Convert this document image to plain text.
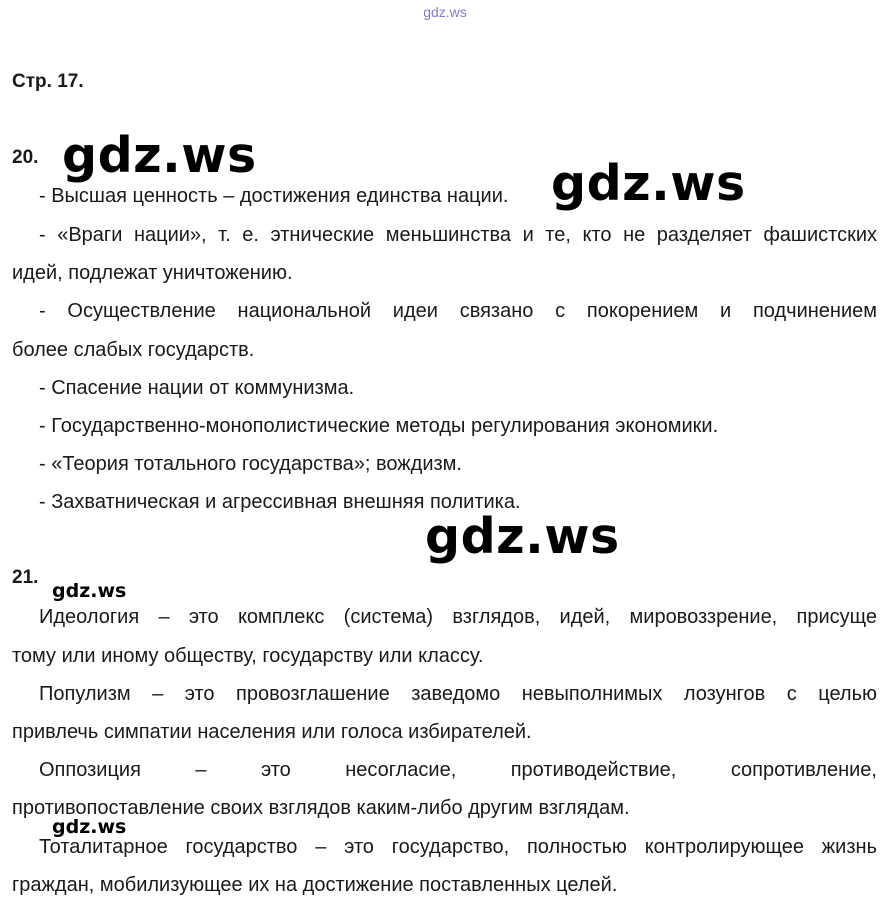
gdz.ws
Стр. 17.
20.
- Высшая ценность – достижения единства нации.
- «Враги нации», т. е. этнические меньшинства и те, кто не разделяет фашистских
идей, подлежат уничтожению.
- Осуществление национальной идеи связано с покорением и подчинением
более слабых государств.
- Спасение нации от коммунизма.
- Государственно-монополистические методы регулирования экономики.
- «Теория тотального государства»; вождизм.
- Захватническая и агрессивная внешняя политика.
21.
Идеология – это комплекс (система) взглядов, идей, мировоззрение, присуще
тому или иному обществу, государству или классу.
Популизм – это провозглашение заведомо невыполнимых лозунгов с целью
привлечь симпатии населения или голоса избирателей.
Оппозиция – это несогласие, противодействие, сопротивление,
противопоставление своих взглядов каким-либо другим взглядам.
Тоталитарное государство – это государство, полностью контролирующее жизнь
граждан, мобилизующее их на достижение поставленных целей.
gdz.ws	gdz.ws
gdz.ws
gdz.ws
gdz.ws
